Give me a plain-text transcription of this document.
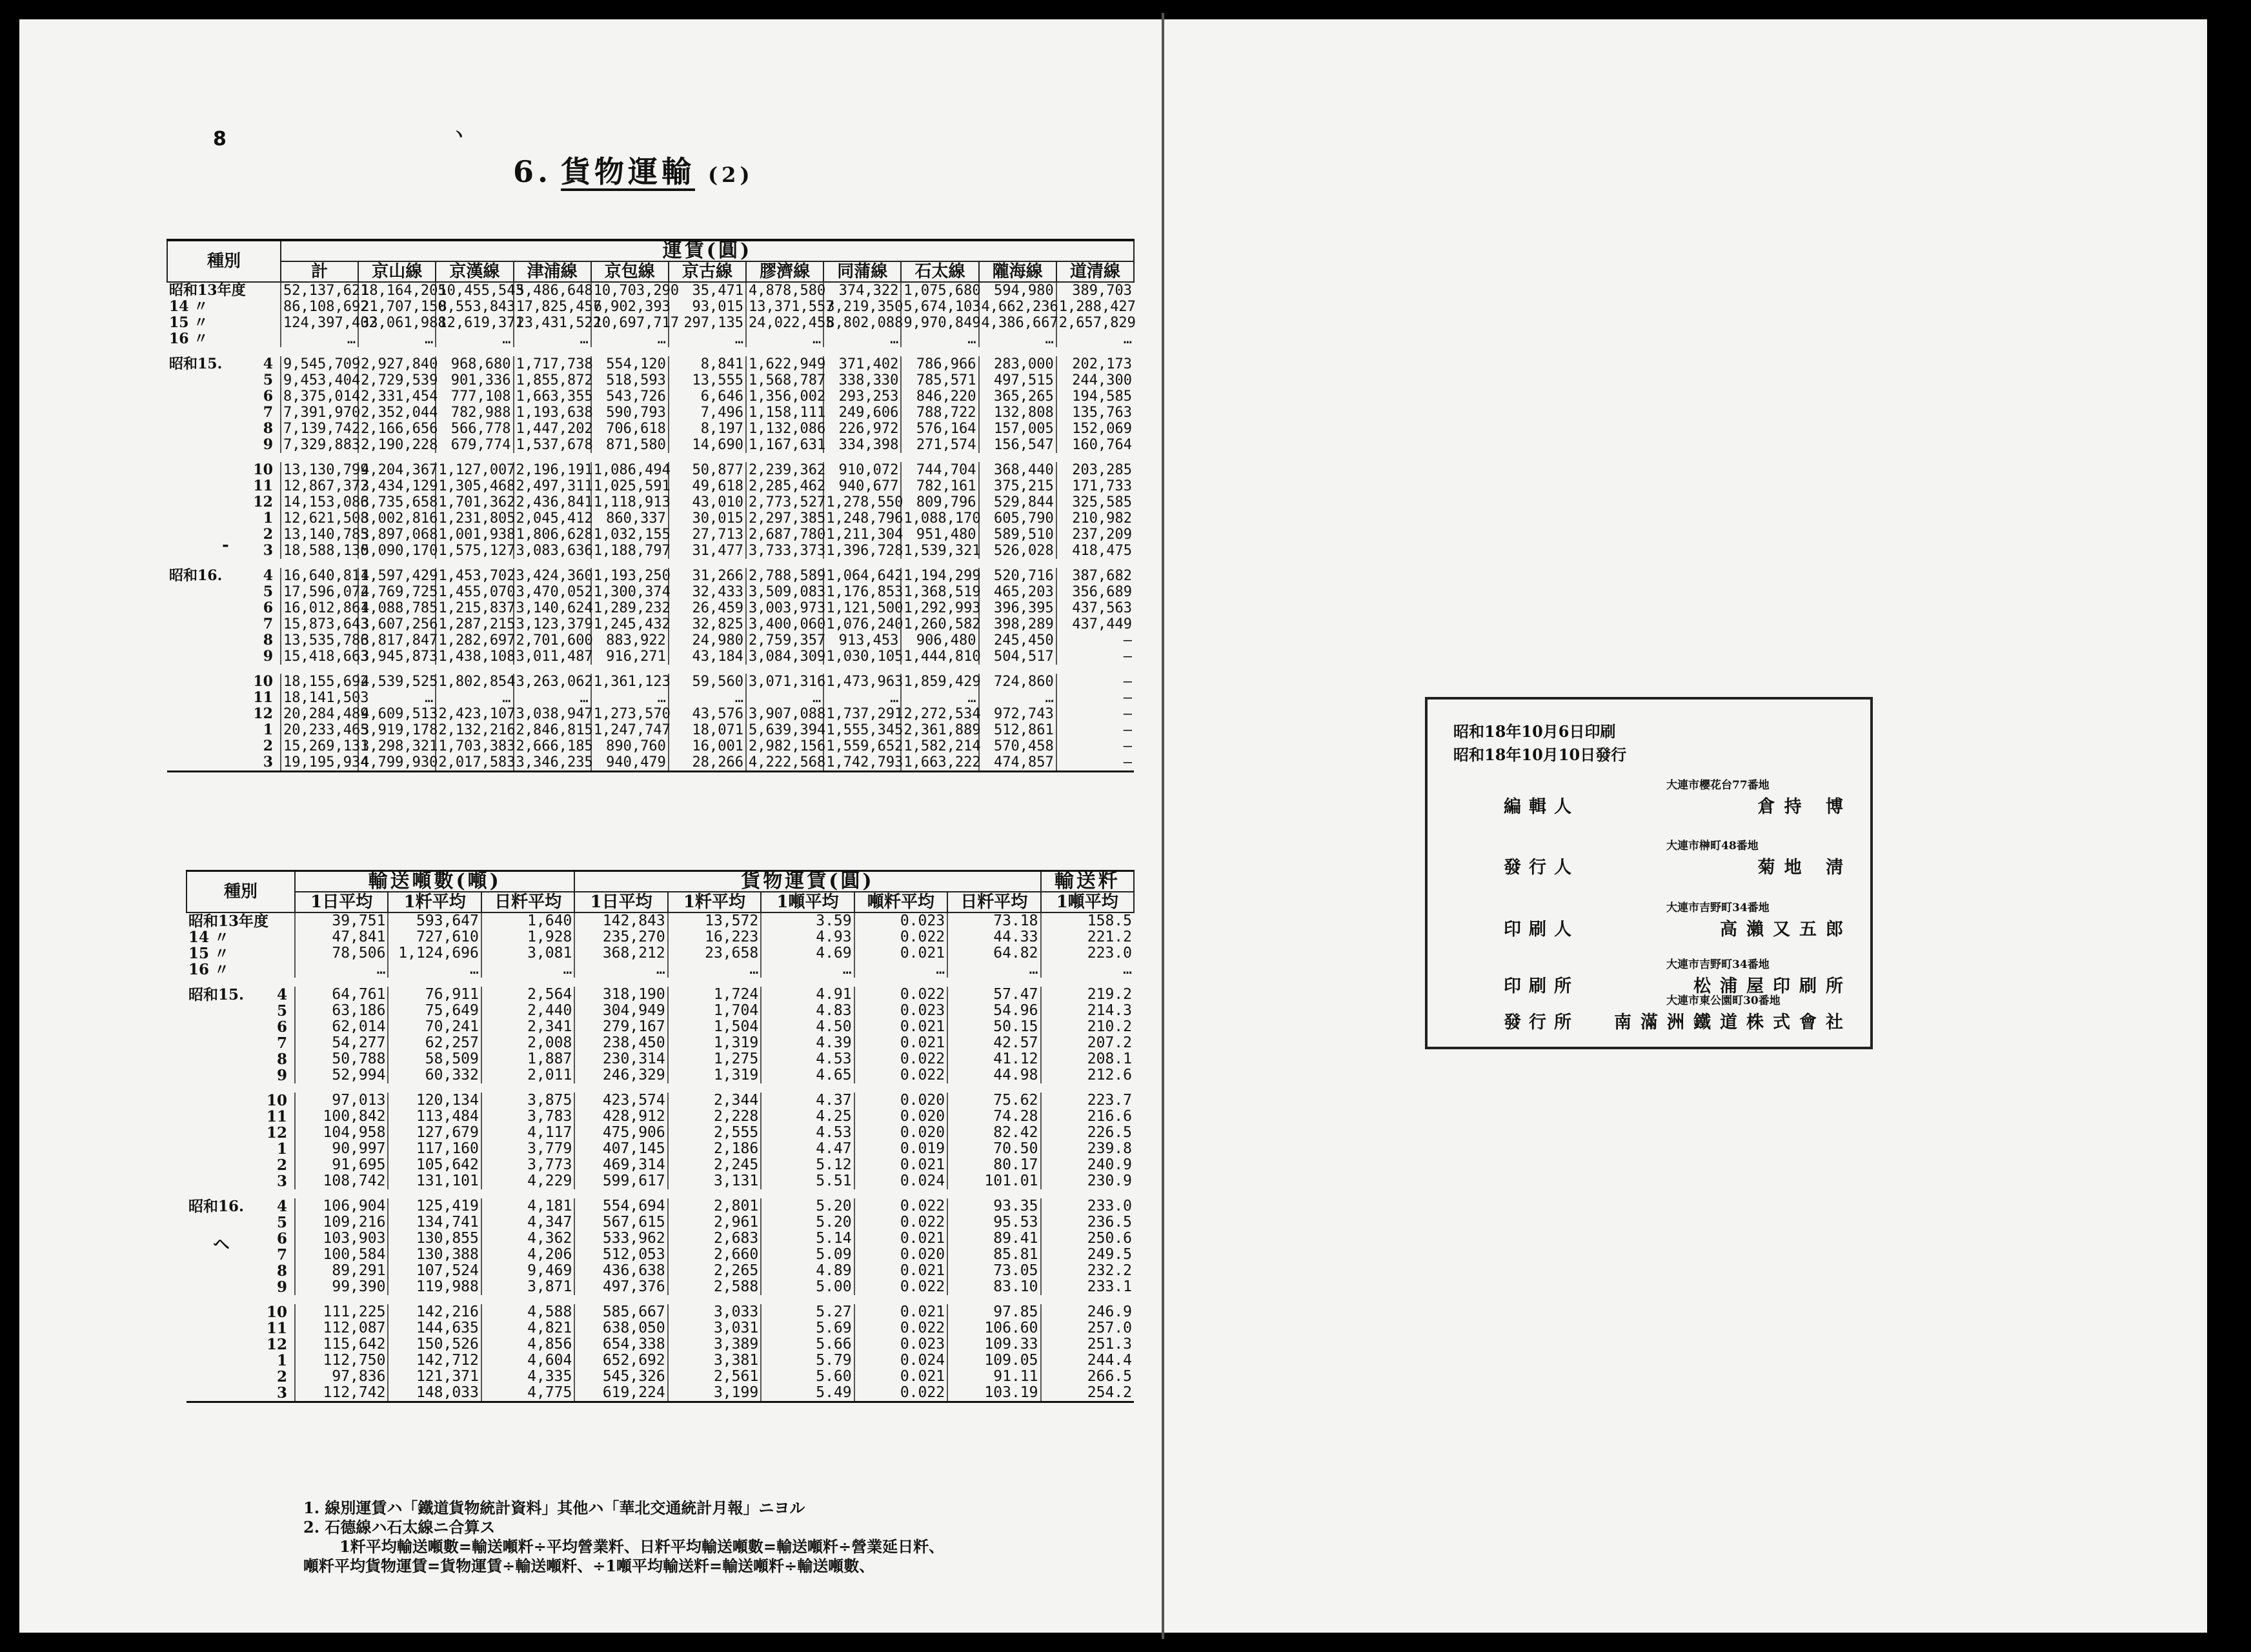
8
6. 貨物運輸 (2)
ヽ
-
ヘ
種別	運賃(圓)										
	計	京山線	京漢線	津浦線	京包線	京古線	膠濟線	同蒲線	石太線	隴海線	道清線
昭和13年度	52,137,621	18,164,205	10,455,543	5,486,648	10,703,290	35,471	4,878,580	374,322	1,075,680	594,980	389,703
14 〃	86,108,692	21,707,150	8,553,843	17,825,457	6,902,393	93,015	13,371,557	3,219,350	5,674,103	4,662,236	1,288,427
15 〃	124,397,402	33,061,988	12,619,371	23,431,522	10,697,717	297,135	24,022,455	8,802,088	9,970,849	4,386,667	2,657,829
16 〃	…	…	…	…	…	…	…	…	…	…	…

昭和15. 4	9,545,709	2,927,840	968,680	1,717,738	554,120	8,841	1,622,949	371,402	786,966	283,000	202,173

5	9,453,404	2,729,539	901,336	1,855,872	518,593	13,555	1,568,787	338,330	785,571	497,515	244,300

6	8,375,014	2,331,454	777,108	1,663,355	543,726	6,646	1,356,002	293,253	846,220	365,265	194,585

7	7,391,970	2,352,044	782,988	1,193,638	590,793	7,496	1,158,111	249,606	788,722	132,808	135,763

8	7,139,742	2,166,656	566,778	1,447,202	706,618	8,197	1,132,086	226,972	576,164	157,005	152,069

9	7,329,883	2,190,228	679,774	1,537,678	871,580	14,690	1,167,631	334,398	271,574	156,547	160,764

10	13,130,799	4,204,367	1,127,007	2,196,191	1,086,494	50,877	2,239,362	910,072	744,704	368,440	203,285

11	12,867,372	3,434,129	1,305,468	2,497,311	1,025,591	49,618	2,285,462	940,677	782,161	375,215	171,733

12	14,153,086	3,735,658	1,701,362	2,436,841	1,118,913	43,010	2,773,527	1,278,550	809,796	529,844	325,585

1	12,621,508	3,002,816	1,231,805	2,045,412	860,337	30,015	2,297,385	1,248,796	1,088,170	605,790	210,982

2	13,140,785	3,897,068	1,001,938	1,806,628	1,032,155	27,713	2,687,780	1,211,304	951,480	589,510	237,209

3	18,588,130	5,090,170	1,575,127	3,083,636	1,188,797	31,477	3,733,373	1,396,728	1,539,321	526,028	418,475

昭和16. 4	16,640,811	4,597,429	1,453,702	3,424,360	1,193,250	31,266	2,788,589	1,064,642	1,194,299	520,716	387,682

5	17,596,072	4,769,725	1,455,070	3,470,052	1,300,374	32,433	3,509,083	1,176,853	1,368,519	465,203	356,689

6	16,012,861	4,088,785	1,215,837	3,140,624	1,289,232	26,459	3,003,973	1,121,500	1,292,993	396,395	437,563

7	15,873,643	3,607,256	1,287,215	3,123,379	1,245,432	32,825	3,400,060	1,076,240	1,260,582	398,289	437,449

8	13,535,786	3,817,847	1,282,697	2,701,600	883,922	24,980	2,759,357	913,453	906,480	245,450	—

9	15,418,663	3,945,873	1,438,108	3,011,487	916,271	43,184	3,084,309	1,030,105	1,444,810	504,517	—

10	18,155,692	4,539,525	1,802,854	3,263,062	1,361,123	59,560	3,071,316	1,473,963	1,859,429	724,860	—

11	18,141,503	…	…	…	…	…	…	…	…	…	—

12	20,284,489	4,609,513	2,423,107	3,038,947	1,273,570	43,576	3,907,088	1,737,291	2,272,534	972,743	—

1	20,233,465	3,919,178	2,132,216	2,846,815	1,247,747	18,071	5,639,394	1,555,345	2,361,889	512,861	—

2	15,269,131	3,298,321	1,703,383	2,666,185	890,760	16,001	2,982,156	1,559,652	1,582,214	570,458	—

3	19,195,934	4,799,930	2,017,583	3,346,235	940,479	28,266	4,222,568	1,742,793	1,663,222	474,857	—
種別	輸送噸數(噸)			貨物運賃(圓)					輸送粁
	1日平均	1粁平均	日粁平均	1日平均	1粁平均	1噸平均	噸粁平均	日粁平均	1噸平均
昭和13年度	39,751	593,647	1,640	142,843	13,572	3.59	0.023	73.18	158.5
14 〃	47,841	727,610	1,928	235,270	16,223	4.93	0.022	44.33	221.2
15 〃	78,506	1,124,696	3,081	368,212	23,658	4.69	0.021	64.82	223.0
16 〃	…	…	…	…	…	…	…	…	…

昭和15. 4	64,761	76,911	2,564	318,190	1,724	4.91	0.022	57.47	219.2

5	63,186	75,649	2,440	304,949	1,704	4.83	0.023	54.96	214.3

6	62,014	70,241	2,341	279,167	1,504	4.50	0.021	50.15	210.2

7	54,277	62,257	2,008	238,450	1,319	4.39	0.021	42.57	207.2

8	50,788	58,509	1,887	230,314	1,275	4.53	0.022	41.12	208.1

9	52,994	60,332	2,011	246,329	1,319	4.65	0.022	44.98	212.6

10	97,013	120,134	3,875	423,574	2,344	4.37	0.020	75.62	223.7

11	100,842	113,484	3,783	428,912	2,228	4.25	0.020	74.28	216.6

12	104,958	127,679	4,117	475,906	2,555	4.53	0.020	82.42	226.5

1	90,997	117,160	3,779	407,145	2,186	4.47	0.019	70.50	239.8

2	91,695	105,642	3,773	469,314	2,245	5.12	0.021	80.17	240.9

3	108,742	131,101	4,229	599,617	3,131	5.51	0.024	101.01	230.9

昭和16. 4	106,904	125,419	4,181	554,694	2,801	5.20	0.022	93.35	233.0

5	109,216	134,741	4,347	567,615	2,961	5.20	0.022	95.53	236.5

6	103,903	130,855	4,362	533,962	2,683	5.14	0.021	89.41	250.6

7	100,584	130,388	4,206	512,053	2,660	5.09	0.020	85.81	249.5

8	89,291	107,524	9,469	436,638	2,265	4.89	0.021	73.05	232.2

9	99,390	119,988	3,871	497,376	2,588	5.00	0.022	83.10	233.1

10	111,225	142,216	4,588	585,667	3,033	5.27	0.021	97.85	246.9

11	112,087	144,635	4,821	638,050	3,031	5.69	0.022	106.60	257.0

12	115,642	150,526	4,856	654,338	3,389	5.66	0.023	109.33	251.3

1	112,750	142,712	4,604	652,692	3,381	5.79	0.024	109.05	244.4

2	97,836	121,371	4,335	545,326	2,561	5.60	0.021	91.11	266.5

3	112,742	148,033	4,775	619,224	3,199	5.49	0.022	103.19	254.2
1. 線別運賃ハ「鐵道貨物統計資料」其他ハ「華北交通統計月報」ニヨル
2. 石德線ハ石太線ニ合算ス
1粁平均輸送噸數=輸送噸粁÷平均營業粁、日粁平均輸送噸數=輸送噸粁÷營業延日粁、
噸粁平均貨物運賃=貨物運賃÷輸送噸粁、÷1噸平均輸送粁=輸送噸粁÷輸送噸數、
昭和18年10月6日印刷
昭和18年10月10日發行
大連市櫻花台77番地
編輯人	倉持 博
大連市榊町48番地
發行人	菊地 淸
大連市吉野町34番地
印刷人	高瀨又五郎
大連市吉野町34番地
印刷所	松浦屋印刷所
大連市東公園町30番地
發行所 南滿洲鐵道株式會社
